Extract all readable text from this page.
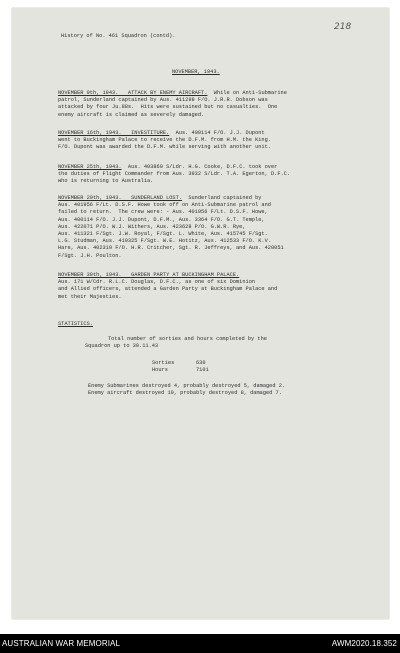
218
History of No. 461 Squadron (contd).
NOVEMBER, 1943.
NOVEMBER 9th, 1943.   ATTACK BY ENEMY AIRCRAFT.  While on Anti-Submarine
patrol, Sunderland captained by Aus. 411298 F/O. J.R.R. Dobson was
attacked by four Ju.88s.  Hits were sustained but no casualties.  One
enemy aircraft is claimed as severely damaged.
NOVEMBER 16th, 1943.   INVESTITURE.  Aus. 400114 F/O. J.J. Dupont
went to Buckingham Palace to receive the D.F.M. from H.M. the King.
F/O. Dupont was awarded the D.F.M. while serving with another unit.
NOVEMBER 25th, 1943.  Aus. 403860 S/Ldr. H.G. Cooke, D.F.C. took over
the duties of Flight Commander from Aus. 3932 S/Ldr. T.A. Egerton, D.F.C.
who is returning to Australia.
NOVEMBER 29th, 1943.   SUNDERLAND LOST.  Sunderland captained by
Aus. 401956 F/Lt. D.S.F. Howe took off on Anti-Submarine patrol and
failed to return.  The crew were: - Aus. 401956 F/Lt. D.S.F. Howe,
Aus. 400114 F/O. J.J. Dupont, D.F.M., Aus. 3364 F/O. G.T. Temple,
Aus. 422071 P/O. W.J. Withers, Aus. 423628 P/O. G.W.R. Rye,
Aus. 411321 F/Sgt. J.W. Royal, F/Sgt. L. White, Aus. 415745 F/Sgt.
L.G. Studman, Aus. 419325 F/Sgt. W.E. Hotitz, Aus. 412533 F/O. K.V.
Hare, Aus. 402319 F/O. H.R. Critcher, Sgt. R. Jeffreys, and Aus. 420051
F/Sgt. J.H. Poulton.
NOVEMBER 30th, 1943.   GARDEN PARTY AT BUCKINGHAM PALACE.
Aus. 171 W/Cdr. R.L.C. Douglas, D.F.C., as one of six Dominion
and Allied officers, attended a Garden Party at Buckingham Palace and
met their Majesties.
STATISTICS.
Total number of sorties and hours completed by the
Squadron up to 30.11.43
Sorties	630
Hours	7101
Enemy Submarines destroyed 4, probably destroyed 5, damaged 2.
Enemy aircraft destroyed 10, probably destroyed 8, damaged 7.
AUSTRALIAN WAR MEMORIAL	AWM2020.18.352
